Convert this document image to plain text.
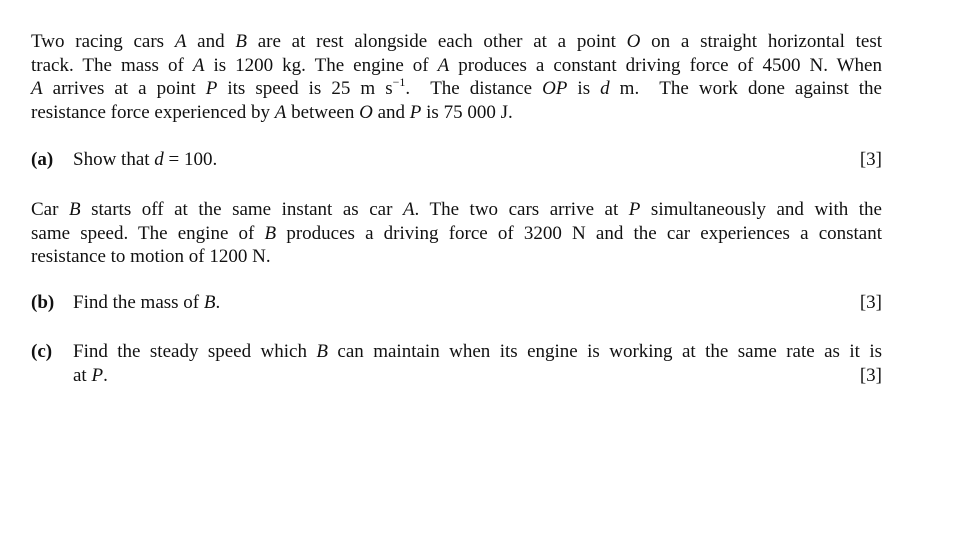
Two racing cars A and B are at rest alongside each other at a point O on a straight horizontal test
track. The mass of A is 1200 kg. The engine of A produces a constant driving force of 4500 N. When
A arrives at a point P its speed is 25 m $s^{-1}$.  The distance OP is d m.  The work done against the
resistance force experienced by A between O and P is 75 000 J.
(a) Show that d = 100.	[3]
Car B starts off at the same instant as car A. The two cars arrive at P simultaneously and with the
same speed. The engine of B produces a driving force of 3200 N and the car experiences a constant
resistance to motion of 1200 N.
(b) Find the mass of B.	[3]
(c)	Find the steady speed which B can maintain when its engine is working at the same rate as it is
at P.	[3]
